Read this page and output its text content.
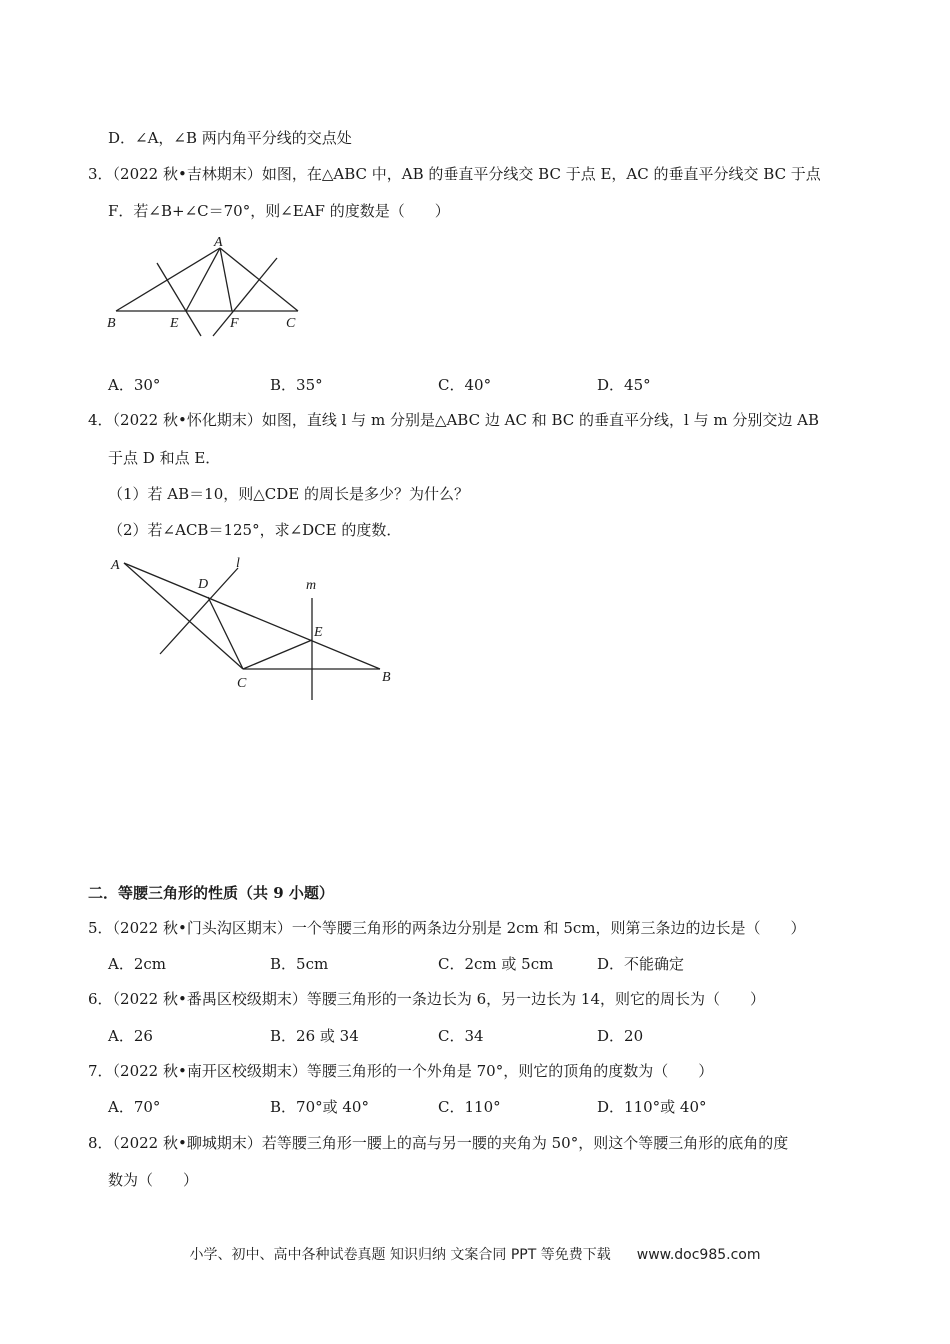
D．∠A，∠B 两内角平分线的交点处
3．（2022 秋•吉林期末）如图，在△ABC 中，AB 的垂直平分线交 BC 于点 E，AC 的垂直平分线交 BC 于点
F．若∠B+∠C＝70°，则∠EAF 的度数是（　　）
A
B	E	F	C
A
D
l
m
E
C	B
A．30°	B．35°	C．40°	D．45°
4．（2022 秋•怀化期末）如图，直线 l 与 m 分别是△ABC 边 AC 和 BC 的垂直平分线，l 与 m 分别交边 AB
于点 D 和点 E．
（1）若 AB＝10，则△CDE 的周长是多少？为什么？
（2）若∠ACB＝125°，求∠DCE 的度数．
二．等腰三角形的性质（共 9 小题）
5．（2022 秋•门头沟区期末）一个等腰三角形的两条边分别是 2cm 和 5cm，则第三条边的边长是（　　）
A．2cm	B．5cm	C．2cm 或 5cm	D．不能确定
6．（2022 秋•番禺区校级期末）等腰三角形的一条边长为 6，另一边长为 14，则它的周长为（　　）
A．26	B．26 或 34	C．34	D．20
7．（2022 秋•南开区校级期末）等腰三角形的一个外角是 70°，则它的顶角的度数为（　　）
A．70°	B．70°或 40°	C．110°	D．110°或 40°
8．（2022 秋•聊城期末）若等腰三角形一腰上的高与另一腰的夹角为 50°，则这个等腰三角形的底角的度
数为（　　）
小学、初中、高中各种试卷真题 知识归纳 文案合同 PPT 等免费下载 www.doc985.com
